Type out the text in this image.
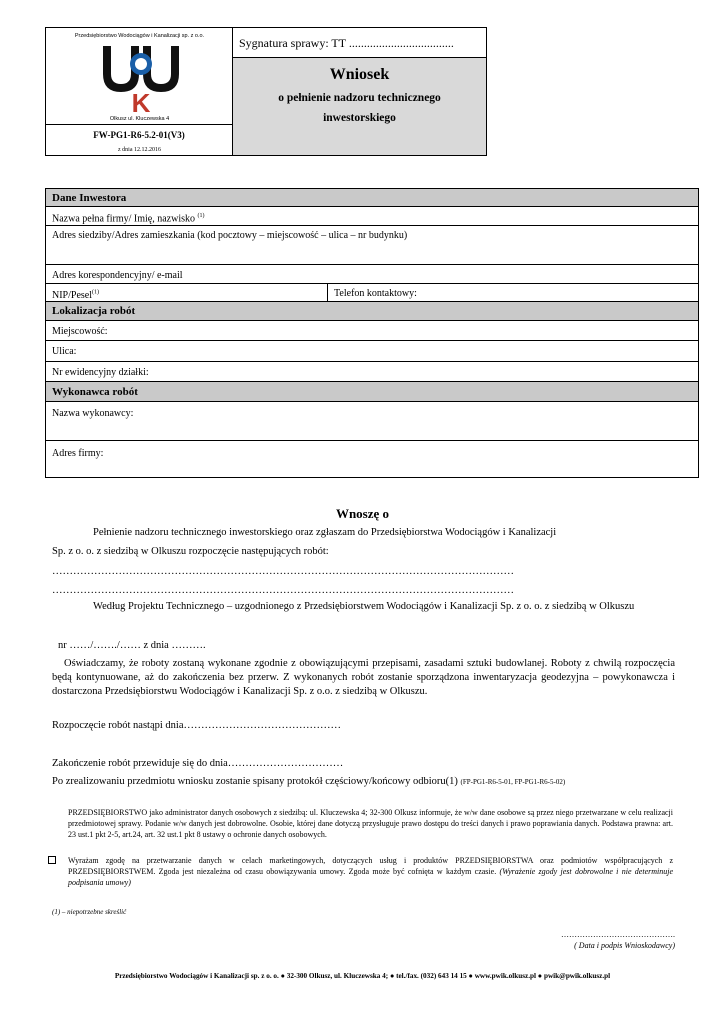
Przedsiębiorstwo Wodociągów i Kanalizacji sp. z o.o.
K
Olkusz ul. Kluczewska 4
FW-PG1-R6-5.2-01(V3)
z dnia 12.12.2016
Sygnatura sprawy: TT ...................................
Wniosek
o pełnienie nadzoru technicznego
inwestorskiego
Dane Inwestora
Nazwa pełna firmy/ Imię, nazwisko $^{(1)}$
Adres siedziby/Adres zamieszkania (kod pocztowy – miejscowość – ulica – nr budynku)
Adres korespondencyjny/ e-mail
NIP/Pesel$^{(1)}$	Telefon kontaktowy:
Lokalizacja robót
Miejscowość:
Ulica:
Nr ewidencyjny działki:
Wykonawca robót
Nazwa wykonawcy:
Adres firmy:
Wnoszę o
Pełnienie nadzoru technicznego inwestorskiego oraz zgłaszam do Przedsiębiorstwa Wodociągów i Kanalizacji
Sp. z o. o. z siedzibą w Olkuszu rozpoczęcie następujących robót:
……………………………………………………………………………………………………………………
……………………………………………………………………………………………………………………
Według Projektu Technicznego – uzgodnionego z Przedsiębiorstwem Wodociągów i Kanalizacji Sp. z o. o. z siedzibą w Olkuszu
nr ……/……./…… z dnia ……….
Oświadczamy, że roboty zostaną wykonane zgodnie z obowiązującymi przepisami, zasadami sztuki budowlanej. Roboty z chwilą rozpoczęcia będą kontynuowane, aż do zakończenia bez przerw. Z wykonanych robót zostanie sporządzona inwentaryzacja geodezyjna – powykonawcza i dostarczona Przedsiębiorstwu Wodociągów i Kanalizacji Sp. z o.o. z siedzibą w Olkuszu.
Rozpoczęcie robót nastąpi dnia………………………………………
Zakończenie robót przewiduje się do dnia……………………………
Po zrealizowaniu przedmiotu wniosku zostanie spisany protokół częściowy/końcowy odbioru(1) (FP-PG1-R6-5-01, FP-PG1-R6-5-02)
PRZEDSIĘBIORSTWO jako administrator danych osobowych z siedzibą: ul. Kluczewska 4; 32-300 Olkusz informuje, że w/w dane osobowe są przez niego przetwarzane w celu realizacji przedmiotowej sprawy. Podanie w/w danych jest dobrowolne. Osobie, której dane dotyczą przysługuje prawo dostępu do treści danych i prawo poprawiania danych. Podstawa prawna: art. 23 ust.1 pkt 2-5, art.24, art. 32 ust.1 pkt 8 ustawy o ochronie danych osobowych.
Wyrażam zgodę na przetwarzanie danych w celach marketingowych, dotyczących usług i produktów PRZEDSIĘBIORSTWA oraz podmiotów współpracujących z PRZEDSIĘBIORSTWEM. Zgoda jest niezależna od czasu obowiązywania umowy. Zgoda może być cofnięta w każdym czasie. (Wyrażenie zgody jest dobrowolne i nie determinuje podpisania umowy)
(1) – niepotrzebne skreślić
…………………………………….
( Data i podpis Wnioskodawcy)
Przedsiębiorstwo Wodociągów i Kanalizacji sp. z o. o. ● 32-300 Olkusz, ul. Kluczewska 4; ● tel./fax. (032) 643 14 15 ● www.pwik.olkusz.pl ● pwik@pwik.olkusz.pl
